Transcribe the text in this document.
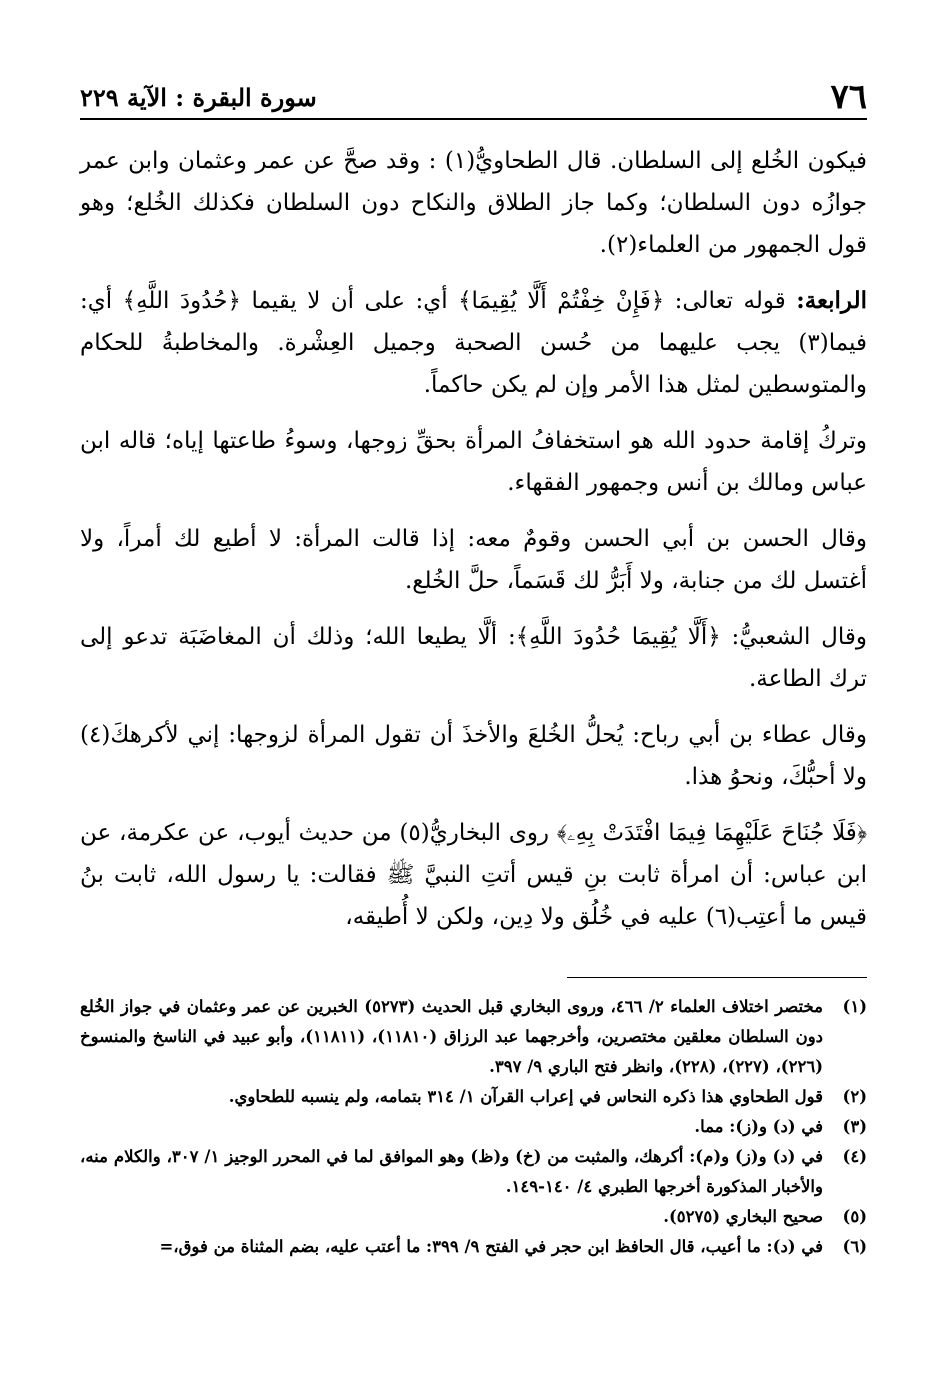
٧٦
سورة البقرة : الآية ٢٢٩

فيكون الخُلع إلى السلطان. قال الطحاويُّ(١) : وقد صحَّ عن عمر وعثمان وابن عمر جوازُه دون السلطان؛ وكما جاز الطلاق والنكاح دون السلطان فكذلك الخُلع؛ وهو قول الجمهور من العلماء(٢).

الرابعة: قوله تعالى: ﴿فَإِنْ خِفْتُمْ أَلَّا يُقِيمَا﴾ أي: على أن لا يقيما ﴿حُدُودَ اللَّهِ﴾ أي: فيما(٣) يجب عليهما من حُسن الصحبة وجميل العِشْرة. والمخاطبةُ للحكام والمتوسطين لمثل هذا الأمر وإن لم يكن حاكماً.

وتركُ إقامة حدود الله هو استخفافُ المرأة بحقِّ زوجها، وسوءُ طاعتها إياه؛ قاله ابن عباس ومالك بن أنس وجمهور الفقهاء.

وقال الحسن بن أبي الحسن وقومٌ معه: إذا قالت المرأة: لا أطيع لك أمراً، ولا أغتسل لك من جنابة، ولا أَبَرُّ لك قَسَماً، حلَّ الخُلع.

وقال الشعبيُّ: ﴿أَلَّا يُقِيمَا حُدُودَ اللَّهِ﴾: ألَّا يطيعا الله؛ وذلك أن المغاضَبَة تدعو إلى ترك الطاعة.

وقال عطاء بن أبي رباح: يُحلُّ الخُلعَ والأخذَ أن تقول المرأة لزوجها: إني لأكرهكَ(٤) ولا أحبُّكَ، ونحوُ هذا.

﴿فَلَا جُنَاحَ عَلَيْهِمَا فِيمَا افْتَدَتْ بِهِۦ﴾ روى البخاريُّ(٥) من حديث أيوب، عن عكرمة، عن ابن عباس: أن امرأة ثابت بنِ قيس أتتِ النبيَّ ﷺ فقالت: يا رسول الله، ثابت بنُ قيس ما أعتِب(٦) عليه في خُلُق ولا دِين، ولكن لا أُطيقه،

(١)
مختصر اختلاف العلماء ٢/ ٤٦٦، وروى البخاري قبل الحديث (٥٢٧٣) الخبرين عن عمر وعثمان في جواز الخُلع دون السلطان معلقين مختصرين، وأخرجهما عبد الرزاق (١١٨١٠)، (١١٨١١)، وأبو عبيد في الناسخ والمنسوخ (٢٢٦)، (٢٢٧)، (٢٢٨)، وانظر فتح الباري ٩/ ٣٩٧.
(٢)
قول الطحاوي هذا ذكره النحاس في إعراب القرآن ١/ ٣١٤ بتمامه، ولم ينسبه للطحاوي.
(٣)
في (د) و(ز): مما.
(٤)
في (د) و(ز) و(م): أكرهك، والمثبت من (خ) و(ظ) وهو الموافق لما في المحرر الوجيز ١/ ٣٠٧، والكلام منه، والأخبار المذكورة أخرجها الطبري ٤/ ١٤٠-١٤٩.
(٥)
صحيح البخاري (٥٢٧٥).
(٦)
في (د): ما أعيب، قال الحافظ ابن حجر في الفتح ٩/ ٣٩٩: ما أعتب عليه، بضم المثناة من فوق،=
